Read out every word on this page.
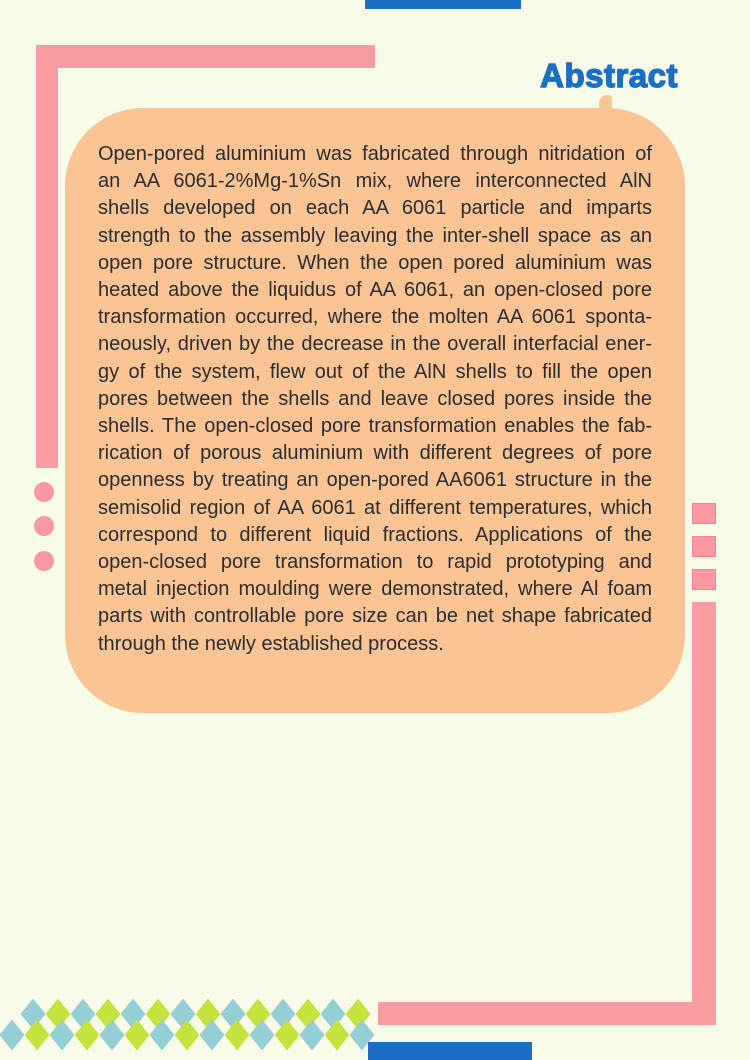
Abstract
Open-pored aluminium was fabricated through nitridation of
an AA 6061-2%Mg-1%Sn mix, where interconnected AlN
shells developed on each AA 6061 particle and imparts
strength to the assembly leaving the inter-shell space as an
open pore structure. When the open pored aluminium was
heated above the liquidus of AA 6061, an open-closed pore
transformation occurred, where the molten AA 6061 sponta-
neously, driven by the decrease in the overall interfacial ener-
gy of the system, flew out of the AlN shells to fill the open
pores between the shells and leave closed pores inside the
shells. The open-closed pore transformation enables the fab-
rication of porous aluminium with different degrees of pore
openness by treating an open-pored AA6061 structure in the
semisolid region of AA 6061 at different temperatures, which
correspond to different liquid fractions. Applications of the
open-closed pore transformation to rapid prototyping and
metal injection moulding were demonstrated, where Al foam
parts with controllable pore size can be net shape fabricated
through the newly established process.
